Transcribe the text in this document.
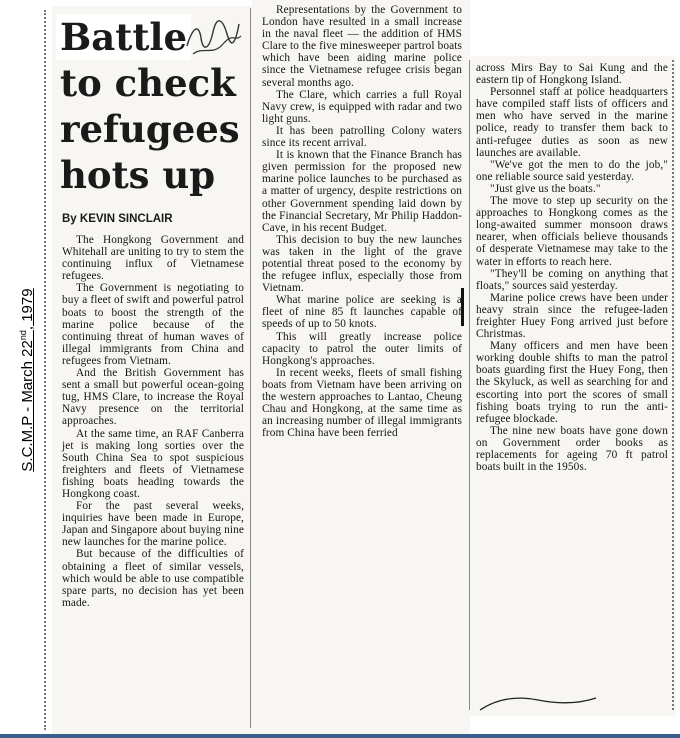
Battle
to check
refugees
hots up

By KEVIN SINCLAIR

S.C.M.P - March 22nd, 1979

The Hongkong Government and Whitehall are uniting to try to stem the continuing influx of Vietnamese refugees.

The Government is negotiating to buy a fleet of swift and powerful patrol boats to boost the strength of the marine police because of the continuing threat of human waves of illegal immigrants from China and refugees from Vietnam.

And the British Government has sent a small but powerful ocean-going tug, HMS Clare, to increase the Royal Navy presence on the territorial approaches.

At the same time, an RAF Canberra jet is making long sorties over the South China Sea to spot suspicious freighters and fleets of Vietnamese fishing boats heading towards the Hongkong coast.

For the past several weeks, inquiries have been made in Europe, Japan and Singapore about buying nine new launches for the marine police.

But because of the difficulties of obtaining a fleet of similar vessels, which would be able to use compatible spare parts, no decision has yet been made.

Representations by the Government to London have resulted in a small increase in the naval fleet — the addition of HMS Clare to the five minesweeper partrol boats which have been aiding marine police since the Vietnamese refugee crisis began several months ago.

The Clare, which carries a full Royal Navy crew, is equipped with radar and two light guns.

It has been patrolling Colony waters since its recent arrival.

It is known that the Finance Branch has given permission for the proposed new marine police launches to be purchased as a matter of urgency, despite restrictions on other Government spending laid down by the Financial Secretary, Mr Philip Haddon-Cave, in his recent Budget.

This decision to buy the new launches was taken in the light of the grave potential threat posed to the economy by the refugee influx, especially those from Vietnam.

What marine police are seeking is a fleet of nine 85 ft launches capable of speeds of up to 50 knots.

This will greatly increase police capacity to patrol the outer limits of Hongkong's approaches.

In recent weeks, fleets of small fishing boats from Vietnam have been arriving on the western approaches to Lantao, Cheung Chau and Hongkong, at the same time as an increasing number of illegal immigrants from China have been ferried

across Mirs Bay to Sai Kung and the eastern tip of Hongkong Island.

Personnel staff at police headquarters have compiled staff lists of officers and men who have served in the marine police, ready to transfer them back to anti-refugee duties as soon as new launches are available.

"We've got the men to do the job," one reliable source said yesterday.

"Just give us the boats."

The move to step up security on the approaches to Hongkong comes as the long-awaited summer monsoon draws nearer, when officials believe thousands of desperate Vietnamese may take to the water in efforts to reach here.

"They'll be coming on anything that floats," sources said yesterday.

Marine police crews have been under heavy strain since the refugee-laden freighter Huey Fong arrived just before Christmas.

Many officers and men have been working double shifts to man the patrol boats guarding first the Huey Fong, then the Skyluck, as well as searching for and escorting into port the scores of small fishing boats trying to run the anti-refugee blockade.

The nine new boats have gone down on Government order books as replacements for ageing 70 ft patrol boats built in the 1950s.
